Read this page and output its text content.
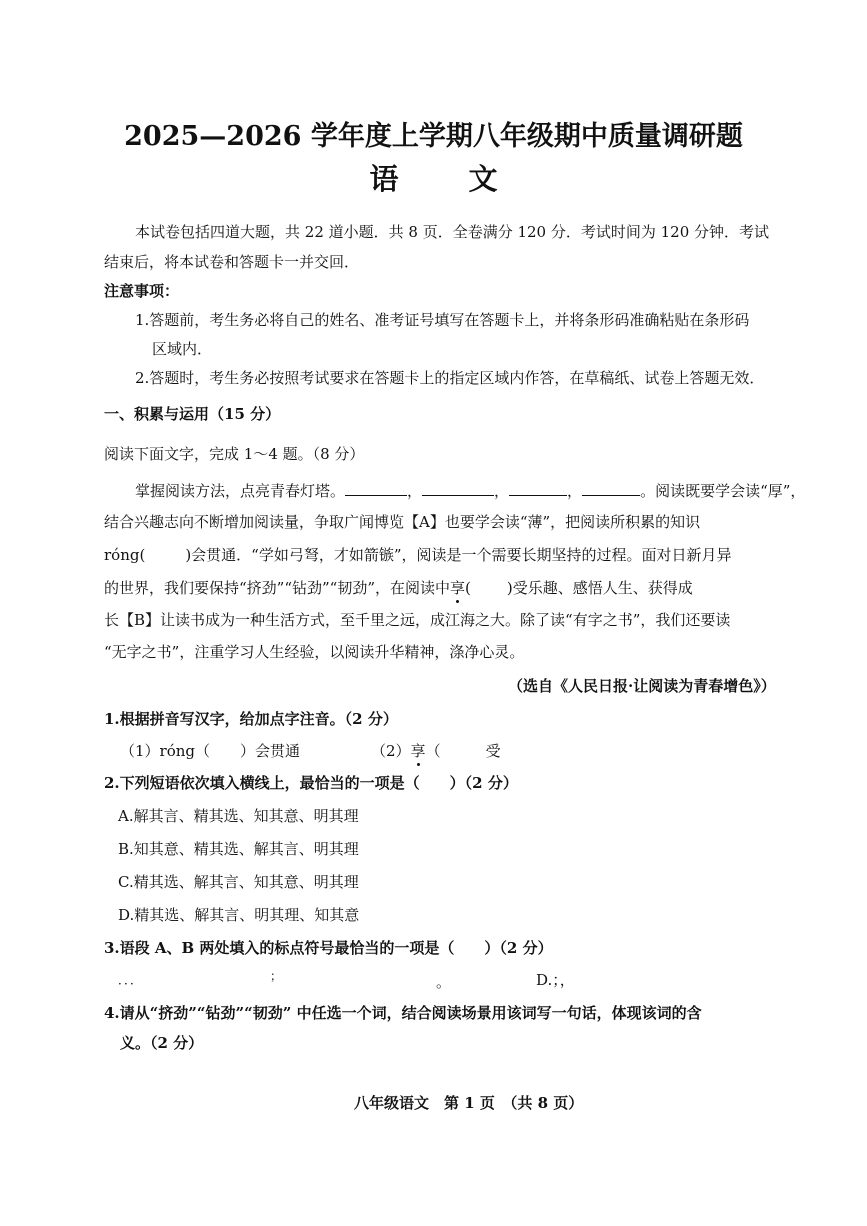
2025—2026 学年度上学期八年级期中质量调研题
语 文
本试卷包括四道大题，共 22 道小题．共 8 页．全卷满分 120 分．考试时间为 120 分钟．考试
结束后，将本试卷和答题卡一并交回．
注意事项：
1.答题前，考生务必将自己的姓名、准考证号填写在答题卡上，并将条形码准确粘贴在条形码
区域内．
2.答题时，考生务必按照考试要求在答题卡上的指定区域内作答，在草稿纸、试卷上答题无效．
一、积累与运用（15 分）
阅读下面文字，完成 1～4 题。（8 分）
掌握阅读方法，点亮青春灯塔。	，	，	，	。阅读既要学会读“厚”，
结合兴趣志向不断增加阅读量，争取广闻博览【A】也要学会读“薄”，把阅读所积累的知识
róng(	)会贯通．“学如弓弩，才如箭镞”，阅读是一个需要长期坚持的过程。面对日新月异
的世界，我们要保持“挤劲”“钻劲”“韧劲”，在阅读中享( )受乐趣、感悟人生、获得成
长【B】让读书成为一种生活方式，至千里之远，成江海之大。除了读“有字之书”，我们还要读
“无字之书”，注重学习人生经验，以阅读升华精神，涤净心灵。
（选自《人民日报·让阅读为青春增色》）
1.根据拼音写汉字，给加点字注音。（2 分）
（1）róng（　　）会贯通	（2）享（　　　受
2.下列短语依次填入横线上，最恰当的一项是（　　）（2 分）
A.解其言、精其选、知其意、明其理
B.知其意、精其选、解其言、明其理
C.精其选、解其言、知其意、明其理
D.精其选、解其言、明其理、知其意
3.语段 A、B 两处填入的标点符号最恰当的一项是（　　）（2 分）
．．．	；	。	D.；，
4.请从“挤劲”“钻劲”“韧劲” 中任选一个词，结合阅读场景用该词写一句话，体现该词的含
义。（2 分）
八年级语文　第 1 页　（共 8 页）
